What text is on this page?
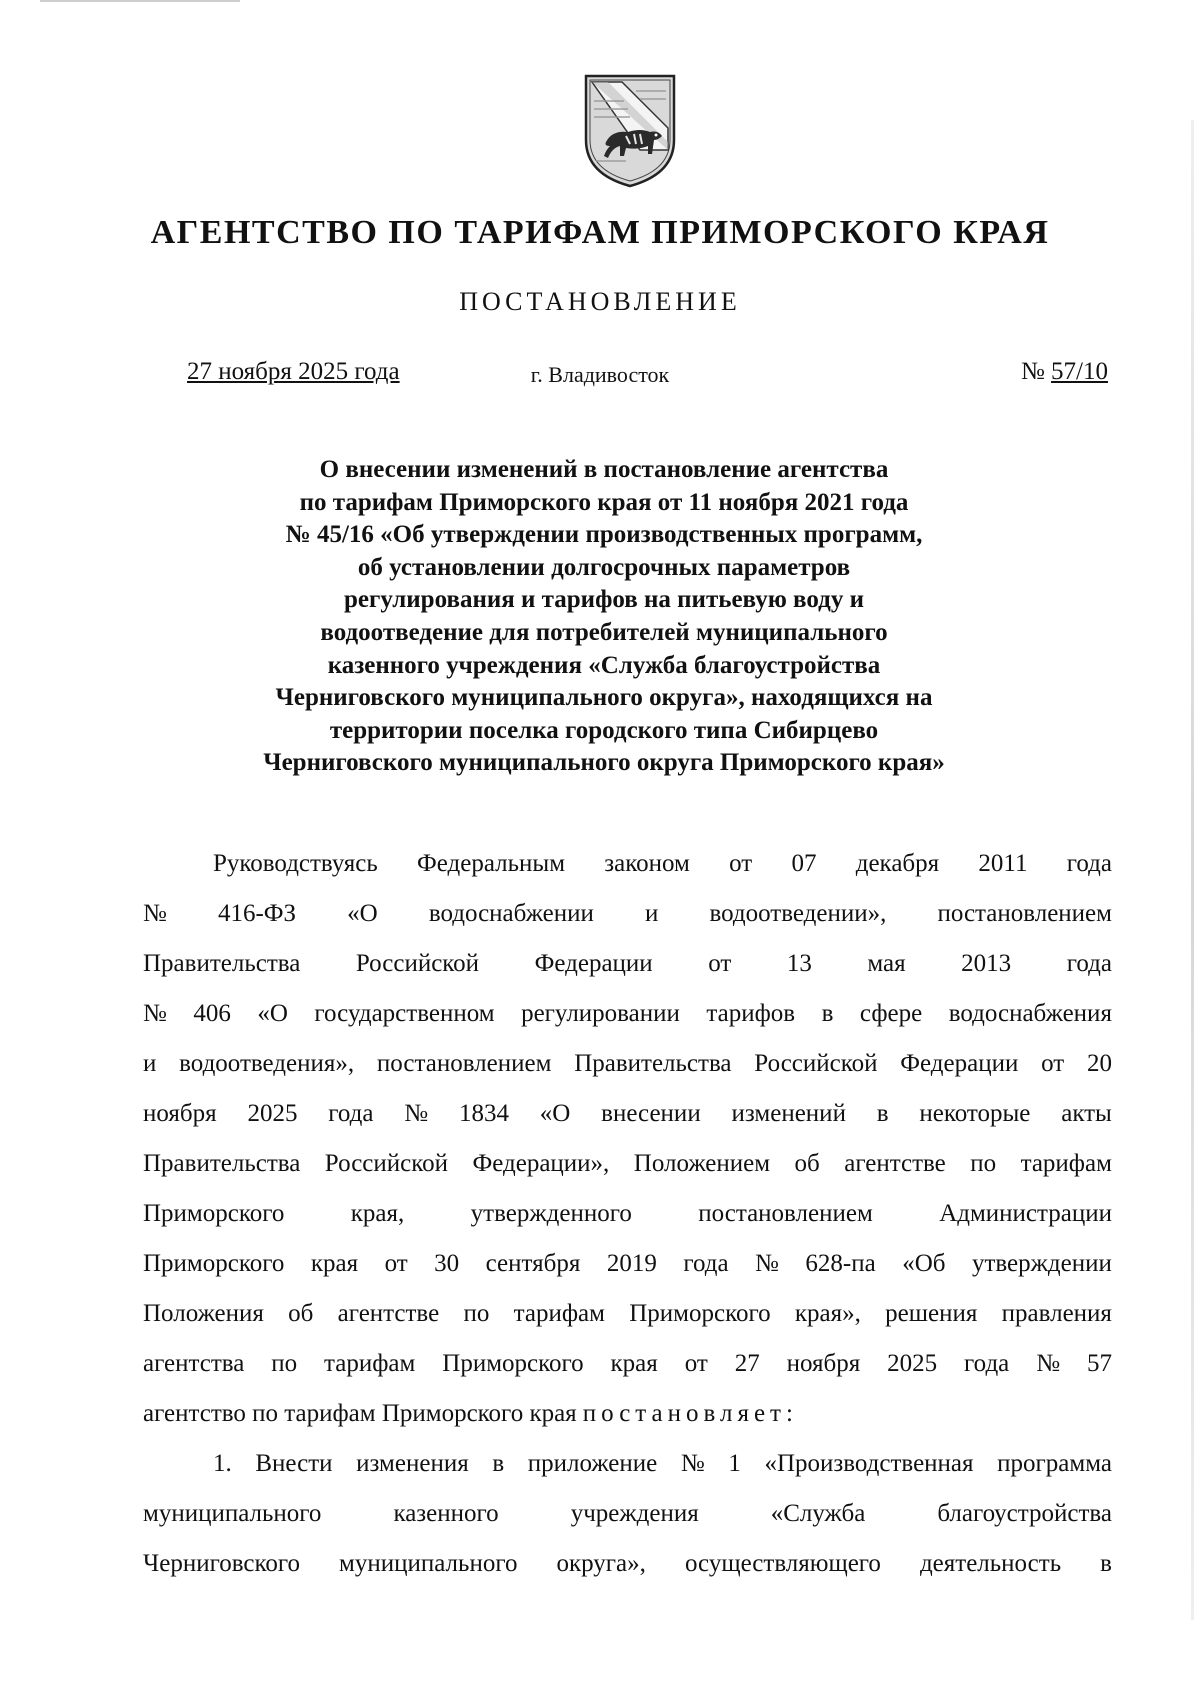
АГЕНТСТВО ПО ТАРИФАМ ПРИМОРСКОГО КРАЯ
ПОСТАНОВЛЕНИЕ
27 ноября 2025 года	г. Владивосток	№ 57/10
О внесении изменений в постановление агентства
по тарифам Приморского края от 11 ноября 2021 года
№ 45/16 «Об утверждении производственных программ,
об установлении долгосрочных параметров
регулирования и тарифов на питьевую воду и
водоотведение для потребителей муниципального
казенного учреждения «Служба благоустройства
Черниговского муниципального округа», находящихся на
территории поселка городского типа Сибирцево
Черниговского муниципального округа Приморского края»
Руководствуясь Федеральным законом от 07 декабря 2011 года
№ 416-ФЗ «О водоснабжении и водоотведении», постановлением
Правительства Российской Федерации от 13 мая 2013 года
№ 406 «О государственном регулировании тарифов в сфере водоснабжения
и водоотведения», постановлением Правительства Российской Федерации от 20
ноября 2025 года № 1834 «О внесении изменений в некоторые акты
Правительства Российской Федерации», Положением об агентстве по тарифам
Приморского	края,	утвержденного	постановлением	Администрации
Приморского края от 30 сентября 2019 года № 628-па «Об утверждении
Положения об агентстве по тарифам Приморского края», решения правления
агентства по тарифам Приморского края от 27 ноября 2025 года № 57
агентство по тарифам Приморского края постановляет:
1. Внести изменения в приложение № 1 «Производственная программа
муниципального	казенного	учреждения	«Служба	благоустройства
Черниговского муниципального округа», осуществляющего деятельность в
